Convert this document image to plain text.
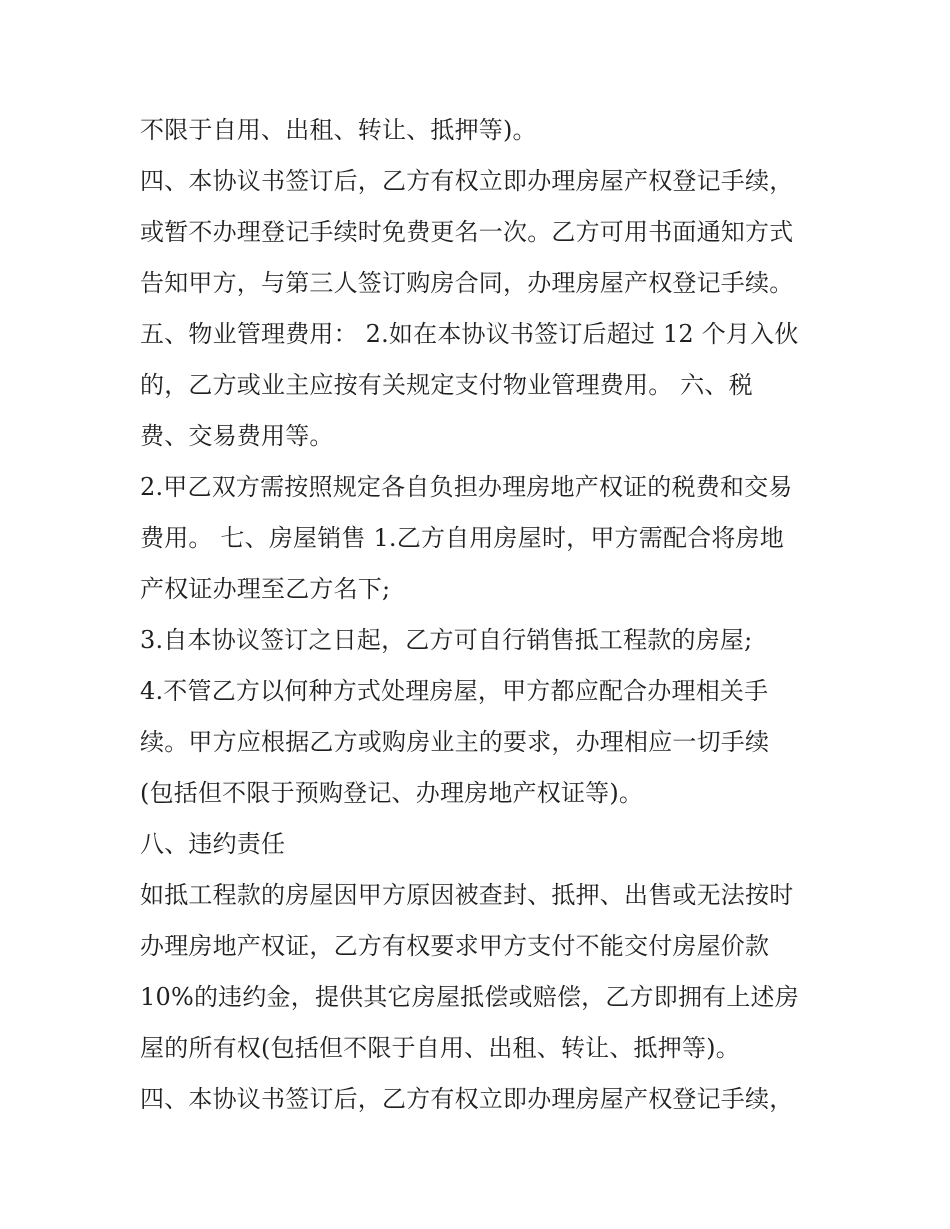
不限于自用、出租、转让、抵押等)。
四、本协议书签订后，乙方有权立即办理房屋产权登记手续，
或暂不办理登记手续时免费更名一次。乙方可用书面通知方式
告知甲方，与第三人签订购房合同，办理房屋产权登记手续。
五、物业管理费用： 2.如在本协议书签订后超过 12 个月入伙
的，乙方或业主应按有关规定支付物业管理费用。 六、税
费、交易费用等。
2.甲乙双方需按照规定各自负担办理房地产权证的税费和交易
费用。 七、房屋销售 1.乙方自用房屋时，甲方需配合将房地
产权证办理至乙方名下;
3.自本协议签订之日起，乙方可自行销售抵工程款的房屋;
4.不管乙方以何种方式处理房屋，甲方都应配合办理相关手
续。甲方应根据乙方或购房业主的要求，办理相应一切手续
(包括但不限于预购登记、办理房地产权证等)。
八、违约责任
如抵工程款的房屋因甲方原因被查封、抵押、出售或无法按时
办理房地产权证，乙方有权要求甲方支付不能交付房屋价款
10%的违约金，提供其它房屋抵偿或赔偿，乙方即拥有上述房
屋的所有权(包括但不限于自用、出租、转让、抵押等)。
四、本协议书签订后，乙方有权立即办理房屋产权登记手续，
